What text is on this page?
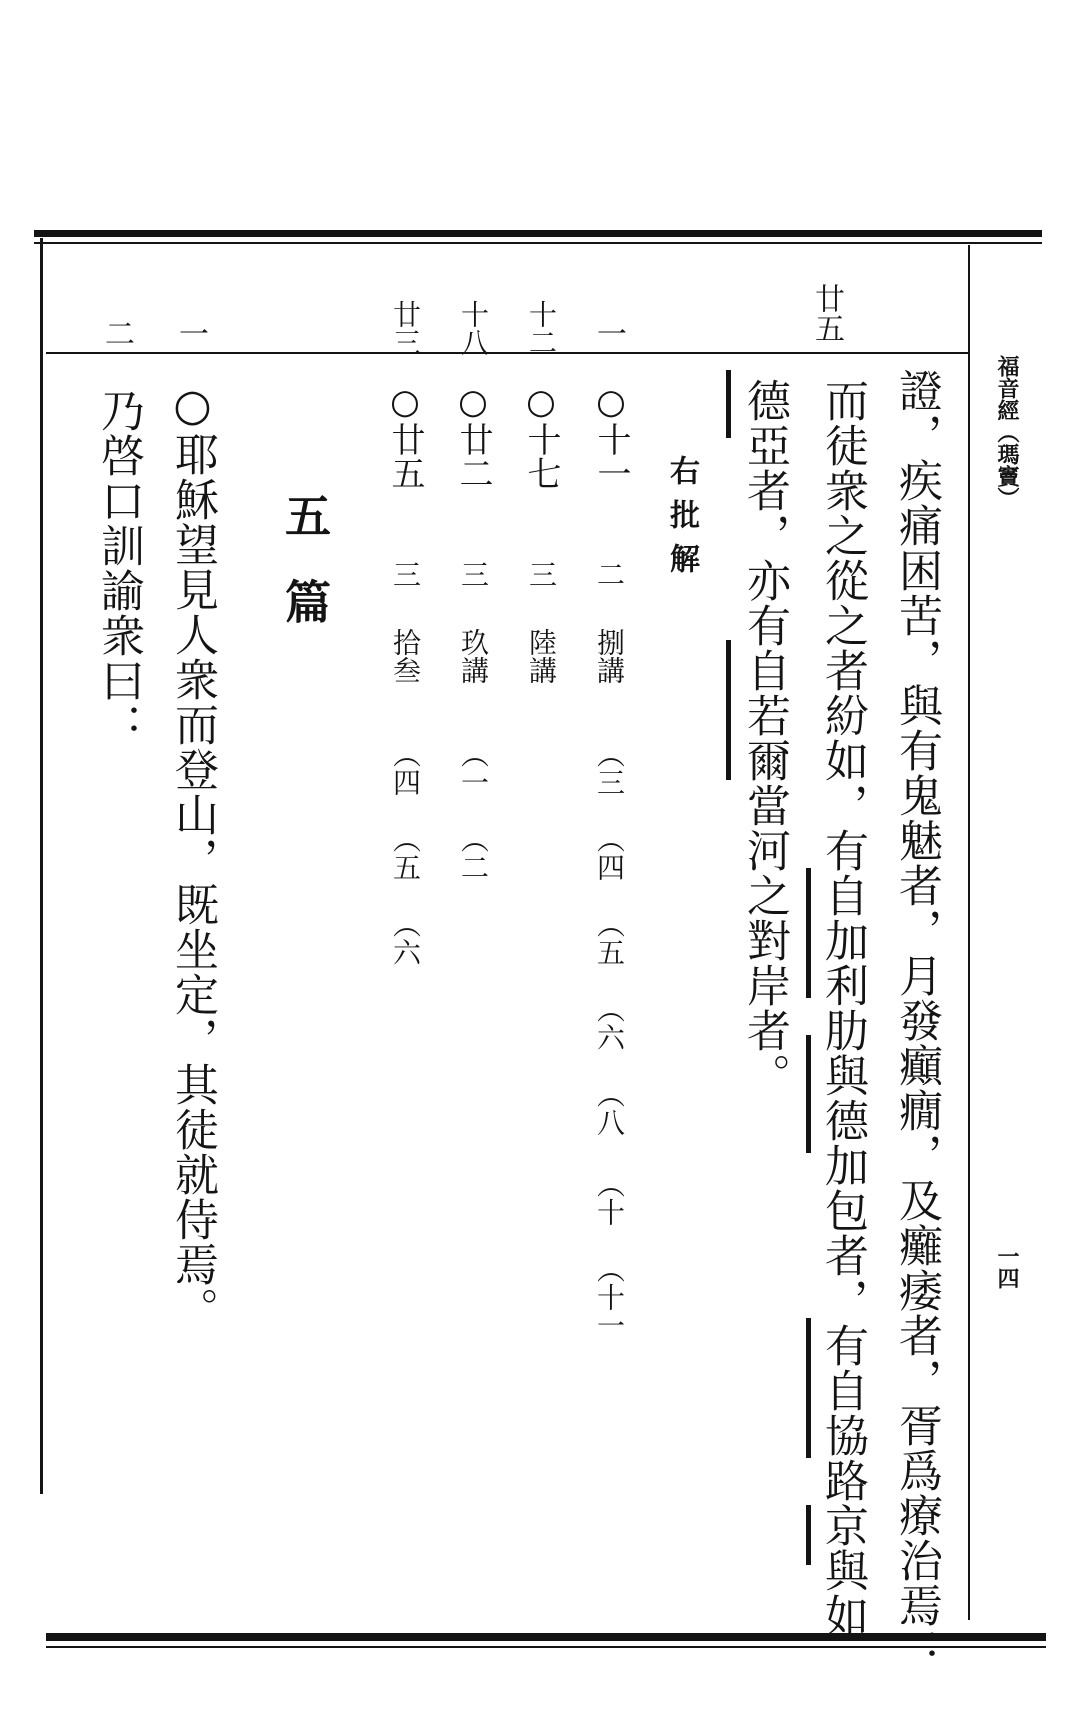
福音經（瑪竇）
一四
廿五
證，疾痛困苦，與有鬼魅者，月發癲癇，及癱痿者，胥爲療治焉：
而徒衆之從之者紛如，有自加利肋與德加包者，有自協路京與如
德亞者，亦有自若爾當河之對岸者。
右批解
一
○十一
二
捌講
（三
（四
（五
（六
（八
（十
（十一
十二
○十七
三
陸講
十八
○廿二
三
玖講
（一
（二
廿三
○廿五
三
拾叁
（四
（五
（六
五篇
一
○耶穌望見人衆而登山，既坐定，其徒就侍焉。
二
乃啓口訓諭衆曰：
